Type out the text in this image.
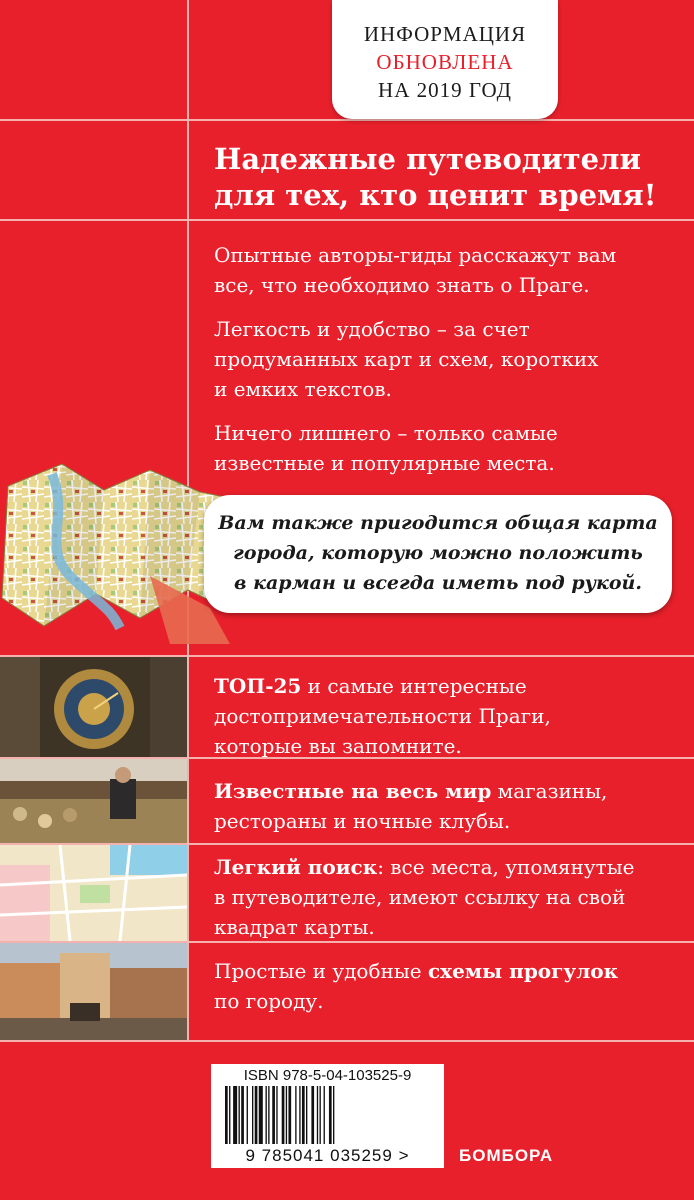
ИНФОРМАЦИЯ
ОБНОВЛЕНА
НА 2019 ГОД
Надежные путеводители
для тех, кто ценит время!
Опытные авторы-гиды расскажут вам
все, что необходимо знать о Праге.
Легкость и удобство – за счет
продуманных карт и схем, коротких
и емких текстов.
Ничего лишнего – только самые
известные и популярные места.
Вам также пригодится общая карта
города, которую можно положить
в карман и всегда иметь под рукой.
ТОП-25 и самые интересные
достопримечательности Праги,
которые вы запомните.
Известные на весь мир магазины,
рестораны и ночные клубы.
Легкий поиск: все места, упомянутые
в путеводителе, имеют ссылку на свой
квадрат карты.
Простые и удобные схемы прогулок
по городу.
ISBN 978-5-04-103525-9
9 785041 035259 >	БОМБОРА
